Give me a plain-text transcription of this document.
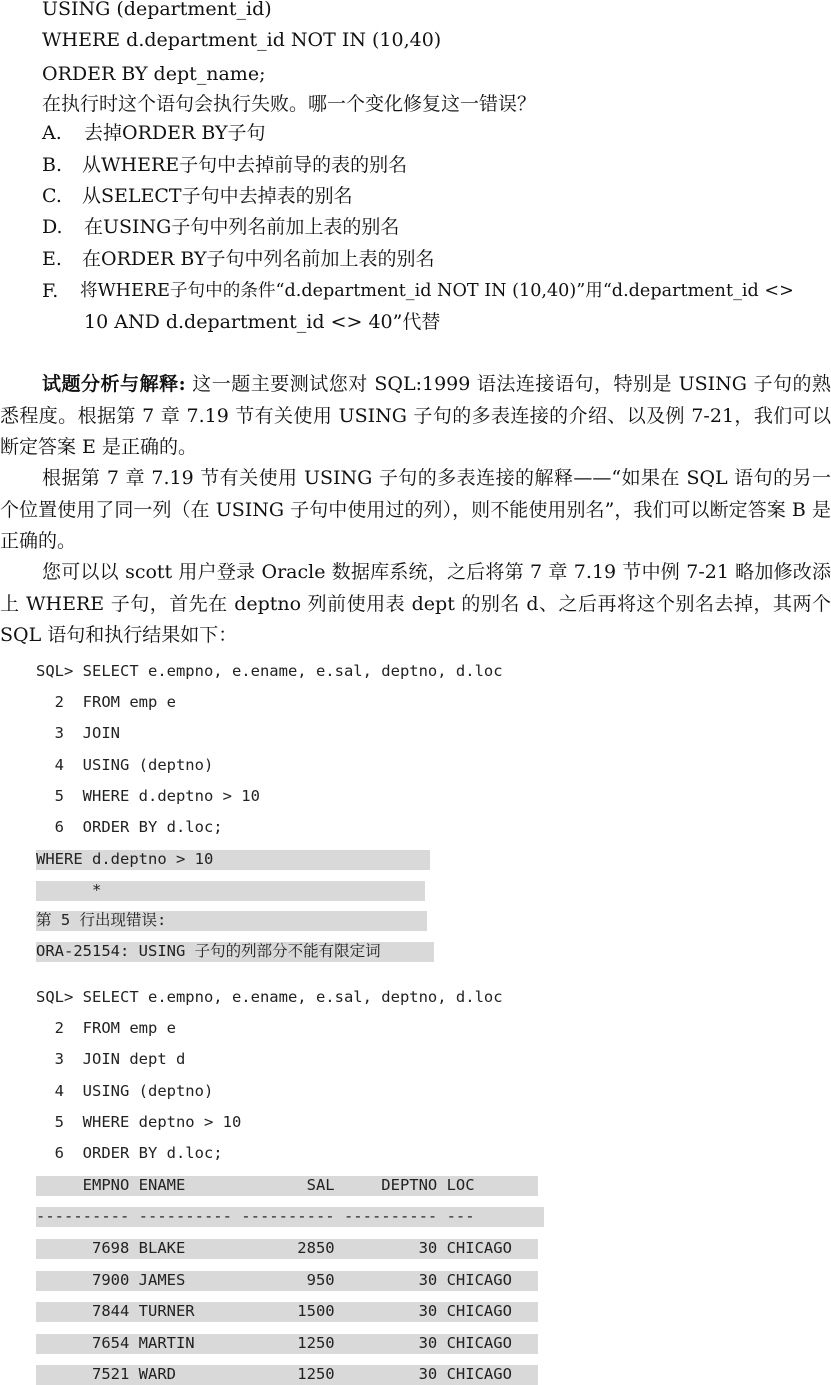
USING (department_id)
WHERE d.department_id NOT IN (10,40)
ORDER BY dept_name;
在执行时这个语句会执行失败。哪一个变化修复这一错误？
A. 去掉ORDER BY子句
B. 从WHERE子句中去掉前导的表的别名
C. 从SELECT子句中去掉表的别名
D. 在USING子句中列名前加上表的别名
E. 在ORDER BY子句中列名前加上表的别名
F. 将WHERE子句中的条件“d.department_id NOT IN (10,40)”用“d.department_id <>
10 AND d.department_id <> 40”代替
试题分析与解释: 这一题主要测试您对 SQL:1999 语法连接语句，特别是 USING 子句的熟悉程度。根据第 7 章 7.19 节有关使用 USING 子句的多表连接的介绍、以及例 7-21，我们可以断定答案 E 是正确的。
根据第 7 章 7.19 节有关使用 USING 子句的多表连接的解释——“如果在 SQL 语句的另一个位置使用了同一列（在 USING 子句中使用过的列），则不能使用别名”，我们可以断定答案 B 是正确的。
您可以以 scott 用户登录 Oracle 数据库系统，之后将第 7 章 7.19 节中例 7-21 略加修改添上 WHERE 子句，首先在 deptno 列前使用表 dept 的别名 d、之后再将这个别名去掉，其两个 SQL 语句和执行结果如下：
SQL> SELECT e.empno, e.ename, e.sal, deptno, d.loc
2  FROM emp e
3  JOIN
4  USING (deptno)
5  WHERE d.deptno > 10
6  ORDER BY d.loc;
WHERE d.deptno > 10
*
第 5 行出现错误:
ORA-25154: USING 子句的列部分不能有限定词
SQL> SELECT e.empno, e.ename, e.sal, deptno, d.loc
2  FROM emp e
3  JOIN dept d
4  USING (deptno)
5  WHERE deptno > 10
6  ORDER BY d.loc;
EMPNO ENAME             SAL     DEPTNO LOC
---------- ---------- ---------- ---------- ---
7698 BLAKE            2850         30 CHICAGO
7900 JAMES             950         30 CHICAGO
7844 TURNER           1500         30 CHICAGO
7654 MARTIN           1250         30 CHICAGO
7521 WARD             1250         30 CHICAGO
